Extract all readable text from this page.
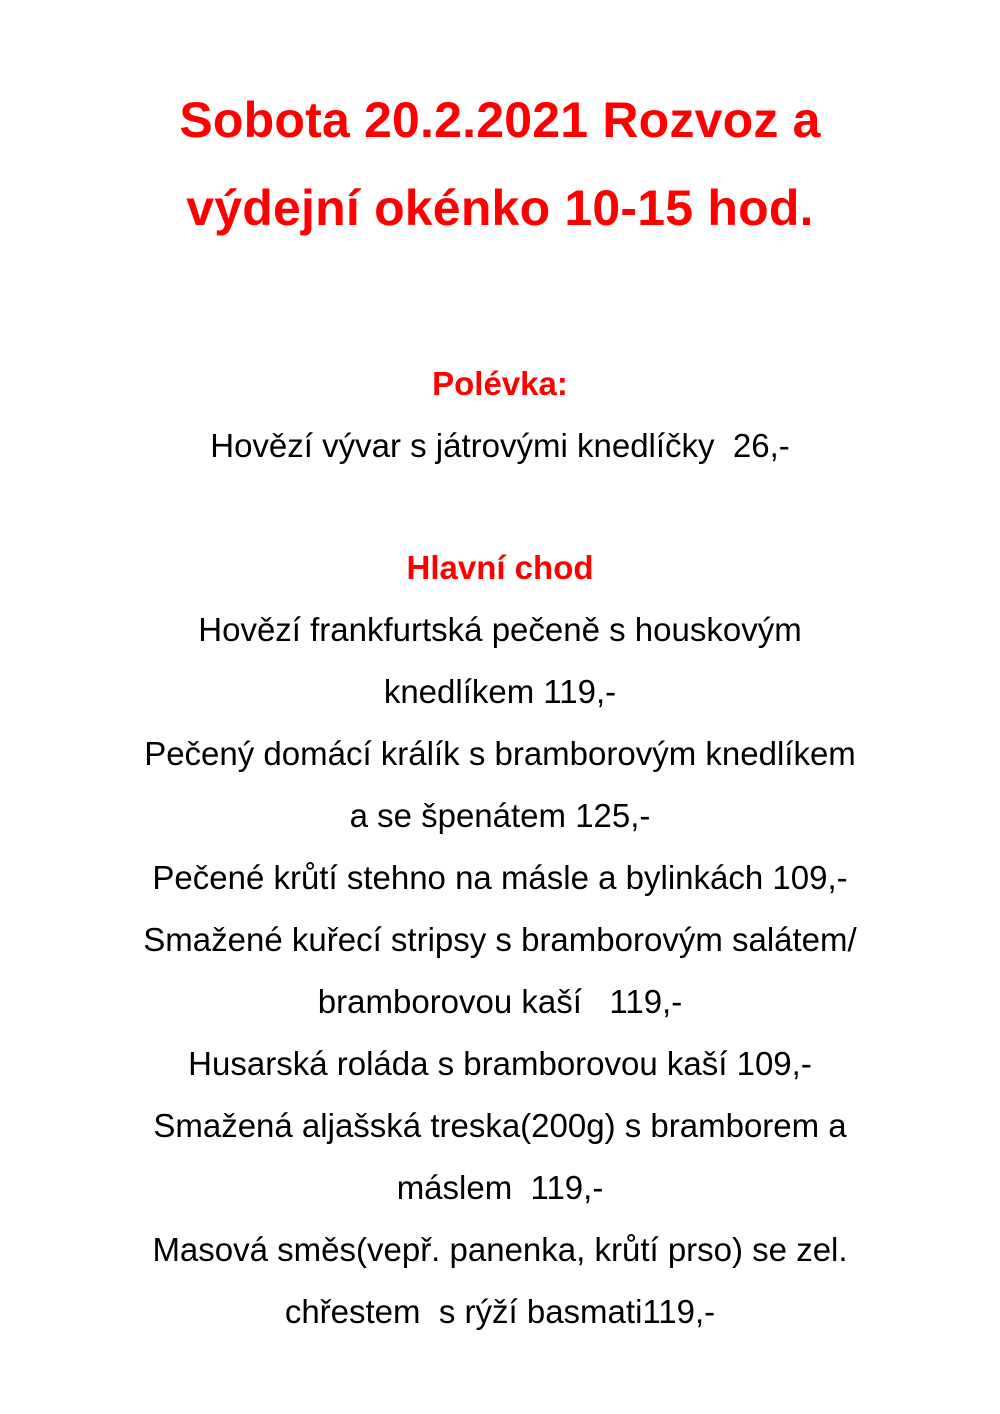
Sobota 20.2.2021 Rozvoz a
výdejní okénko 10-15 hod.
Polévka:

Hovězí vývar s játrovými knedlíčky  26,-

Hlavní chod

Hovězí frankfurtská pečeně s houskovým

knedlíkem 119,-

Pečený domácí králík s bramborovým knedlíkem

a se špenátem 125,-

Pečené krůtí stehno na másle a bylinkách 109,-

Smažené kuřecí stripsy s bramborovým salátem/

bramborovou kaší   119,-

Husarská roláda s bramborovou kaší 109,-

Smažená aljašská treska(200g) s bramborem a

máslem  119,-

Masová směs(vepř. panenka, krůtí prso) se zel.

chřestem  s rýží basmati119,-
